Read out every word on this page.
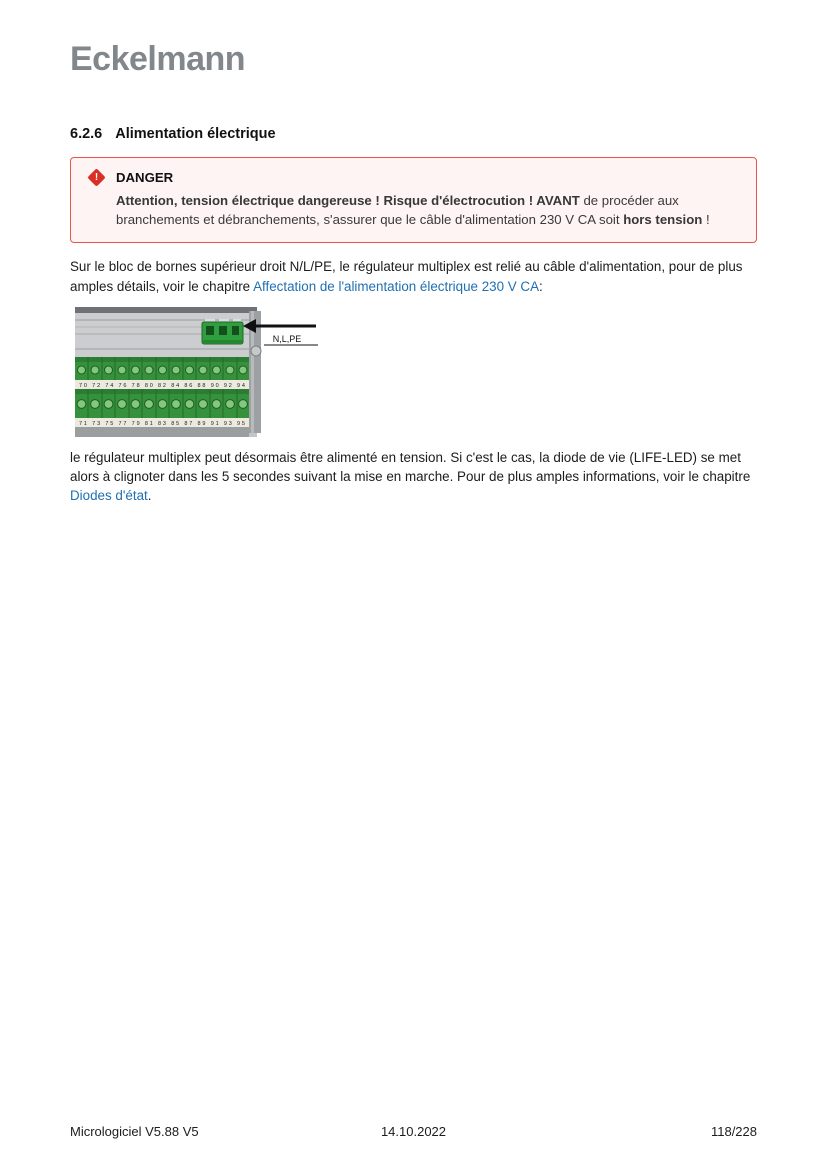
Eckelmann
6.2.6 Alimentation électrique
!	DANGER
Attention, tension électrique dangereuse ! Risque d'électrocution ! AVANT de procéder aux branchements et débranchements, s'assurer que le câble d'alimentation 230 V CA soit hors tension !

Sur le bloc de bornes supérieur droit N/L/PE, le régulateur multiplex est relié au câble d'alimentation, pour de plus amples détails, voir le chapitre Affectation de l'alimentation électrique 230 V CA:

70 72 74 76 78 80 82 84 86 88 90 92 94
71 73 75 77 79 81 83 85 87 89 91 93 95
N,L,PE

le régulateur multiplex peut désormais être alimenté en tension. Si c'est le cas, la diode de vie (LIFE-LED) se met alors à clignoter dans les 5 secondes suivant la mise en marche. Pour de plus amples informations, voir le chapitre Diodes d'état.

Micrologiciel V5.88 V5	14.10.2022	118/228
